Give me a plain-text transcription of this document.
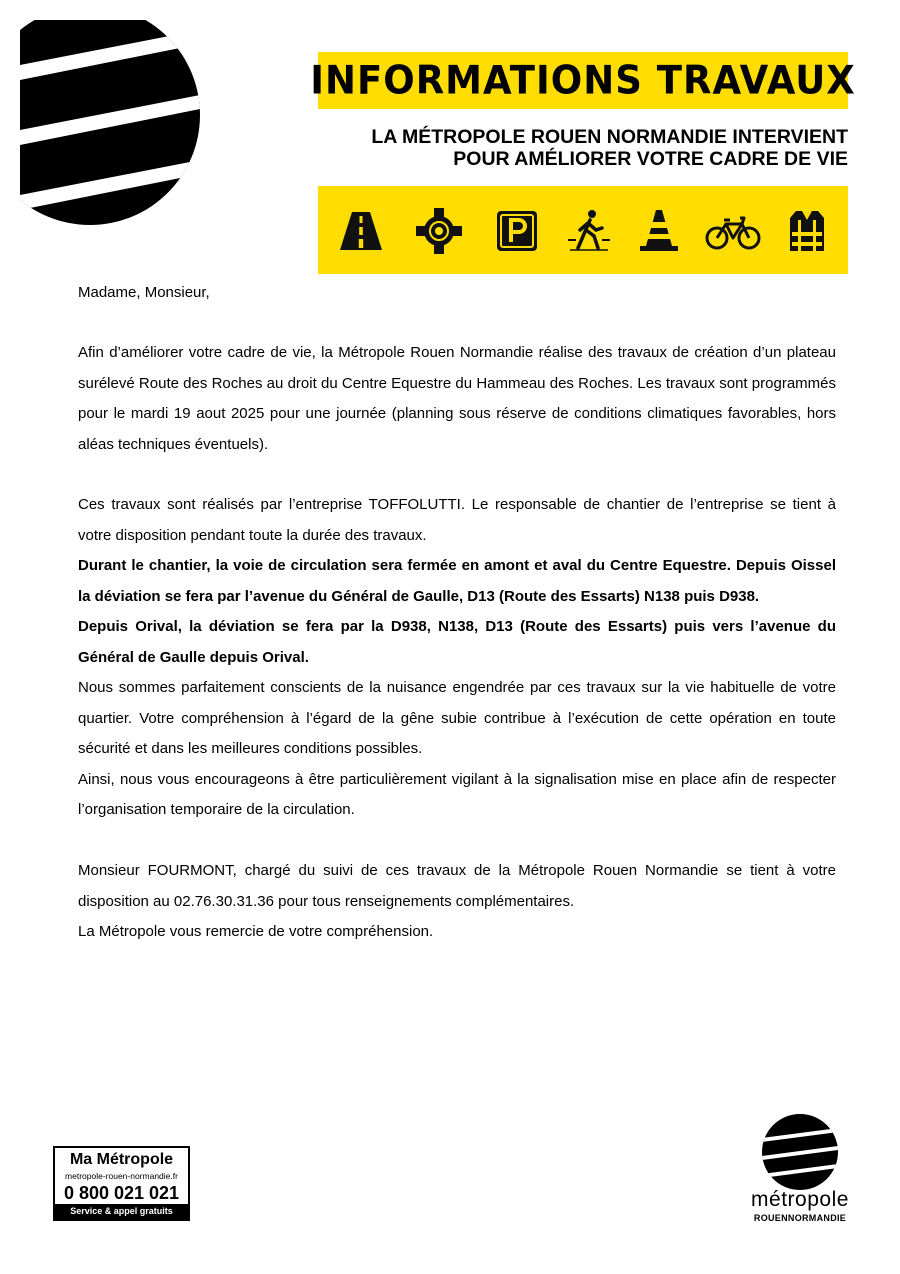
INFORMATIONS TRAVAUX
LA MÉTROPOLE ROUEN NORMANDIE INTERVIENT
POUR AMÉLIORER VOTRE CADRE DE VIE

Madame, Monsieur,

Afin d’améliorer votre cadre de vie, la Métropole Rouen Normandie réalise des travaux de création d’un plateau surélevé Route des Roches au droit du Centre Equestre du Hammeau des Roches. Les travaux sont programmés pour le mardi 19 aout 2025 pour une journée (planning sous réserve de conditions climatiques favorables, hors aléas techniques éventuels).

Ces travaux sont réalisés par l’entreprise TOFFOLUTTI. Le responsable de chantier de l’entreprise se tient à votre disposition pendant toute la durée des travaux.

Durant le chantier, la voie de circulation sera fermée en amont et aval du Centre Equestre. Depuis Oissel la déviation se fera par l’avenue du Général de Gaulle, D13 (Route des Essarts) N138 puis D938.

Depuis Orival, la déviation se fera par la D938, N138, D13 (Route des Essarts) puis vers l’avenue du Général de Gaulle depuis Orival.

Nous sommes parfaitement conscients de la nuisance engendrée par ces travaux sur la vie habituelle de votre quartier. Votre compréhension à l’égard de la gêne subie contribue à l’exécution de cette opération en toute sécurité et dans les meilleures conditions possibles.

Ainsi, nous vous encourageons à être particulièrement vigilant à la signalisation mise en place afin de respecter l’organisation temporaire de la circulation.

Monsieur FOURMONT, chargé du suivi de ces travaux de la Métropole Rouen Normandie se tient à votre disposition au 02.76.30.31.36 pour tous renseignements complémentaires.

La Métropole vous remercie de votre compréhension.

Ma Métropole
metropole-rouen-normandie.fr
0 800 021 021
Service & appel gratuits	métropole
ROUENNORMANDIE
